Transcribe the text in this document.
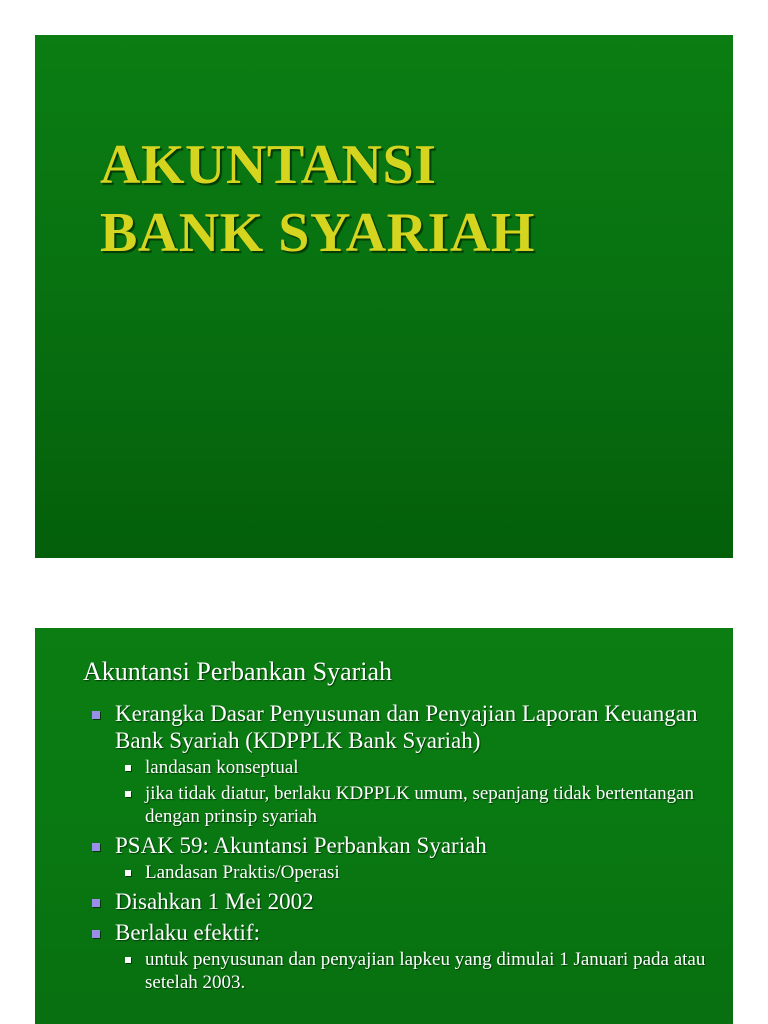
AKUNTANSI
BANK SYARIAH
Akuntansi Perbankan Syariah
Kerangka Dasar Penyusunan dan Penyajian Laporan Keuangan Bank Syariah (KDPPLK Bank Syariah)
landasan konseptual
jika tidak diatur, berlaku KDPPLK umum, sepanjang tidak bertentangan dengan prinsip syariah
PSAK 59: Akuntansi Perbankan Syariah
Landasan Praktis/Operasi
Disahkan 1 Mei 2002
Berlaku efektif:
untuk penyusunan dan penyajian lapkeu yang dimulai 1 Januari pada atau setelah 2003.
